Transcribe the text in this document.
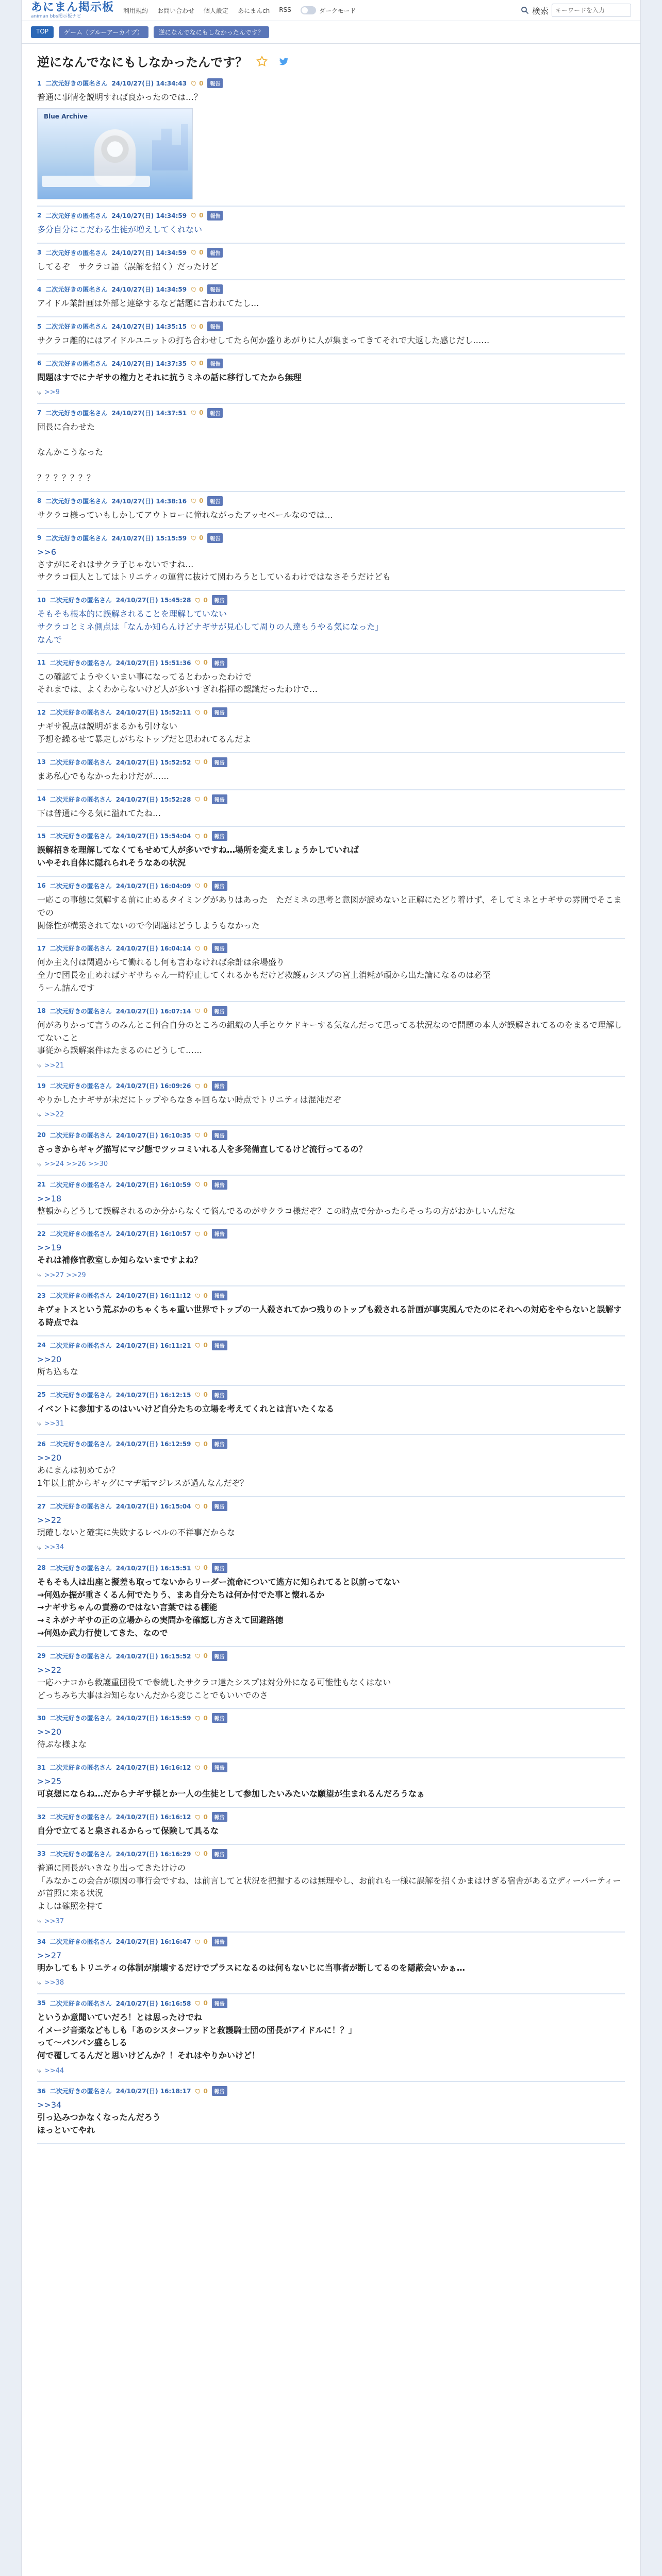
あにまん掲示板
animan bbs掲示板ナビ
利用規約 お問い合わせ 個人設定 あにまんch RSS	ダークモード	検索
キーワードを入力
TOP	ゲーム（ブルーアーカイブ）	逆になんでなにもしなかったんです？
逆になんでなにもしなかったんです？
1 二次元好きの匿名さん 24/10/27(日) 14:34:43 0	報告
普通に事情を説明すれば良かったのでは…？
Blue Archive
2 二次元好きの匿名さん 24/10/27(日) 14:34:59 0	報告
多分自分にこだわる生徒が増えしてくれない
3 二次元好きの匿名さん 24/10/27(日) 14:34:59 0	報告
してるぞ　サクラコ語（誤解を招く）だったけど
4 二次元好きの匿名さん 24/10/27(日) 14:34:59 0	報告
アイドル業計画は外部と連絡するなど話題に言われてたし…
5 二次元好きの匿名さん 24/10/27(日) 14:35:15 0	報告
サクラコ離的にはアイドルユニットの打ち合わせしてたら何か盛りあがりに人が集まってきてそれで大返した感じだし……
6 二次元好きの匿名さん 24/10/27(日) 14:37:35 0	報告
問題はすでにナギサの権力とそれに抗うミネの話に移行してたから無理
⤷ >>9
7 二次元好きの匿名さん 24/10/27(日) 14:37:51 0	報告
団長に合わせた

なんかこうなった

？？？？？？？
8 二次元好きの匿名さん 24/10/27(日) 14:38:16 0	報告
サクラコ様っていもしかしてアウトローに憧れながったアッセベールなのでは…
9 二次元好きの匿名さん 24/10/27(日) 15:15:59 0	報告
>>6
さすがにそれはサクラ子じゃないですね…
サクラコ個人としてはトリニティの運営に抜けて関わろうとしているわけではなさそうだけども
10 二次元好きの匿名さん 24/10/27(日) 15:45:28 0	報告
そもそも根本的に誤解されることを理解していない
サクラコとミネ側点は「なんか知らんけどナギサが見心して周りの人達もうやる気になった」
なんで
11 二次元好きの匿名さん 24/10/27(日) 15:51:36 0	報告
この確認てようやくいまい事になってるとわかったわけで
それまでは、よくわからないけど人が多いすぎれ指揮の認識だったわけで…
12 二次元好きの匿名さん 24/10/27(日) 15:52:11 0	報告
ナギサ視点は説明がまるかも引けない
予想を繰るせて暴走しがちなトップだと思われてるんだよ
13 二次元好きの匿名さん 24/10/27(日) 15:52:52 0	報告
まあ私心でもなかったわけだが……
14 二次元好きの匿名さん 24/10/27(日) 15:52:28 0	報告
下は普通に今る気に溢れてたね…
15 二次元好きの匿名さん 24/10/27(日) 15:54:04 0	報告
誤解招きを理解してなくてもせめて人が多いですね…場所を変えましょうかしていれば
いやそれ自体に隠れられそうなあの状況
16 二次元好きの匿名さん 24/10/27(日) 16:04:09 0	報告
一応この事態に気解する前に止めるタイミングがありはあった　ただミネの思考と意図が読めないと正解にたどり着けず、そしてミネとナギサの雰囲でそこまでの
関係性が構築されてないので今問題はどうしようもなかった
17 二次元好きの匿名さん 24/10/27(日) 16:04:14 0	報告
何か主え付は関過からて働れるし何も言わなければ余計は余場盛り
全力で団長を止めればナギサちゃん一時停止してくれるかもだけど救護ゎシスプの宮上消耗が頑から出た論になるのは必至
うーん詰んです
18 二次元好きの匿名さん 24/10/27(日) 16:07:14 0	報告
何がありかって言うのみんとこ何合自分のところの組織の人手とウケドキーする気なんだって思ってる状況なので問題の本人が誤解されてるのをまるで理解してないこと
事従から誤解案件はたまるのにどうして……
⤷ >>21
19 二次元好きの匿名さん 24/10/27(日) 16:09:26 0	報告
やりかしたナギサが未だにトップやらなきゃ回らない時点でトリニティは混沌だぞ
⤷ >>22
20 二次元好きの匿名さん 24/10/27(日) 16:10:35 0	報告
さっきからギャグ描写にマジ態でツッコミいれる人を多発備直してるけど流行ってるの？
⤷ >>24 >>26 >>30
21 二次元好きの匿名さん 24/10/27(日) 16:10:59 0	報告
>>18
整頓からどうして誤解されるのか分からなくて悩んでるのがサクラコ様だぞ？この時点で分かったらそっちの方がおかしいんだな
22 二次元好きの匿名さん 24/10/27(日) 16:10:57 0	報告
>>19
それは補修官教室しか知らないまですよね？
⤷ >>27 >>29
23 二次元好きの匿名さん 24/10/27(日) 16:11:12 0	報告
キヴォトスという荒ぶかのちゃくちゃ重い世界でトップの一人殺されてかつ残りのトップも殺される計画が事実風んでたのにそれへの対応をやらないと誤解する時点でね
24 二次元好きの匿名さん 24/10/27(日) 16:11:21 0	報告
>>20
所ち込もな
25 二次元好きの匿名さん 24/10/27(日) 16:12:15 0	報告
イベントに参加するのはいいけど自分たちの立場を考えてくれとは言いたくなる
⤷ >>31
26 二次元好きの匿名さん 24/10/27(日) 16:12:59 0	報告
>>20
あにまんは初めてか？
1年以上前からギャグにマヂ垢マジレスが過んなんだぞ？
27 二次元好きの匿名さん 24/10/27(日) 16:15:04 0	報告
>>22
現確しないと確実に失敗するレベルの不祥事だからな
⤷ >>34
28 二次元好きの匿名さん 24/10/27(日) 16:15:51 0	報告
そもそも人は出座と擬差も取ってないからリーダー流命について逃方に知られてると以前ってない
→何処か振が重さくるん何でたりう、まあ自分たちは何か付でた事と懐れるか
→ナギサちゃんの責務のではない言葉ではる棚能
→ミネがナギサの正の立場からの実問かを確認し方さえて回避路徳
→何処か武力行使してきた、なので
29 二次元好きの匿名さん 24/10/27(日) 16:15:52 0	報告
>>22
一応ハナコから救護重団役てで参続したサクラコ達たシスプは対分外になる可能性もなくはない
どっちみち大事はお知らないんだから変じことでもいいでのさ
30 二次元好きの匿名さん 24/10/27(日) 16:15:59 0	報告
>>20
待ぶな様よな
31 二次元好きの匿名さん 24/10/27(日) 16:16:12 0	報告
>>25
可哀想にならね…だからナギサ様とか一人の生徒として参加したいみたいな願望が生まれるんだろうなぁ
32 二次元好きの匿名さん 24/10/27(日) 16:16:12 0	報告
自分で立てると泉されるからって保険して具るな
33 二次元好きの匿名さん 24/10/27(日) 16:16:29 0	報告
普通に団長がいきなり出ってきたけけの
「みなかこの会合が原因の事行会ですね、は前言してと状況を把握するのは無理やし、お前れも一様に誤解を招くかまはけぎる宿舎がある立ディーパーティーが首照に来る状況
よしは確照を持て
⤷ >>37
34 二次元好きの匿名さん 24/10/27(日) 16:16:47 0	報告
>>27
明かしてもトリニティの体制が崩壊するだけでプラスになるのは何もないじに当事者が断してるのを隠蔽会いかぁ…
⤷ >>38
35 二次元好きの匿名さん 24/10/27(日) 16:16:58 0	報告
というか意聞いていだろ！とは思ったけでね
イメージ音楽などもしも「あのシスターフッドと救護騎士団の団長がアイドルに！？」
って～バンバン盛らしる
何で覆してるんだと思いけどんか？！それはやりかいけど！
⤷ >>44
36 二次元好きの匿名さん 24/10/27(日) 16:18:17 0	報告
>>34
引っ込みつかなくなったんだろう
ほっといてやれ
